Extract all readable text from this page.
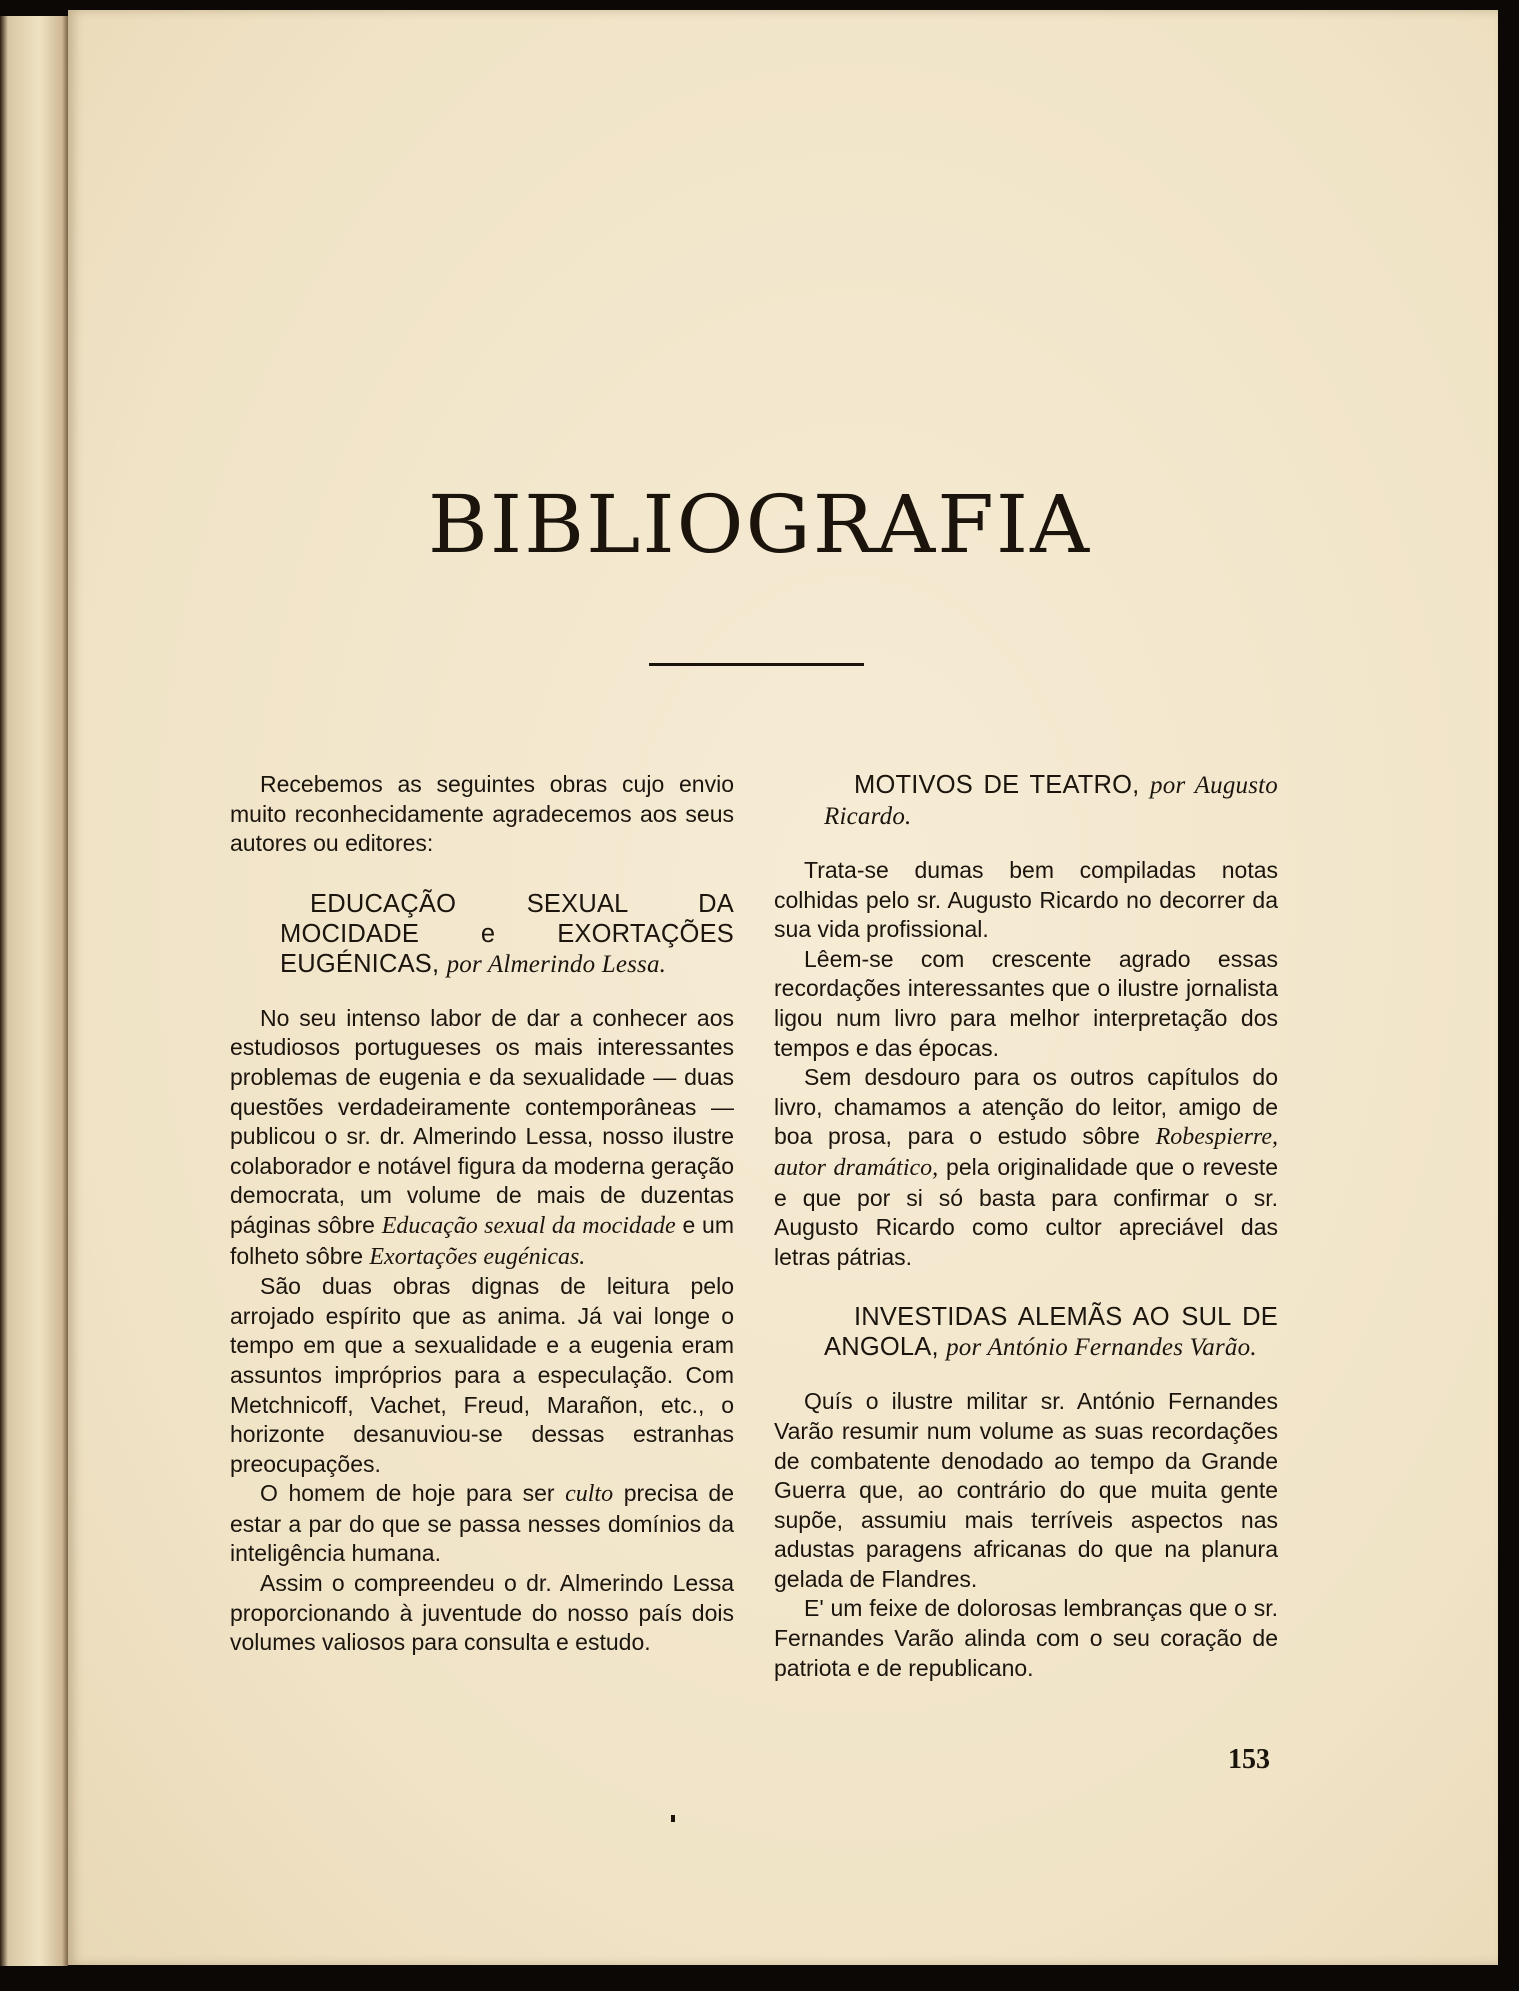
BIBLIOGRAFIA

Recebemos as seguintes obras cujo envio muito reconhecidamente agradecemos aos seus autores ou editores:

EDUCAÇÃO SEXUAL DA MOCIDADE e EXORTAÇÕES EUGÉNICAS, por Almerindo Lessa.

No seu intenso labor de dar a conhecer aos estudiosos portugueses os mais interessantes problemas de eugenia e da sexualidade — duas questões verdadeiramente contemporâneas — publicou o sr. dr. Almerindo Lessa, nosso ilustre colaborador e notável figura da moderna geração democrata, um volume de mais de duzentas páginas sôbre Educação sexual da mocidade e um folheto sôbre Exortações eugénicas.

São duas obras dignas de leitura pelo arrojado espírito que as anima. Já vai longe o tempo em que a sexualidade e a eugenia eram assuntos impróprios para a especulação. Com Metchnicoff, Vachet, Freud, Marañon, etc., o horizonte desanuviou-se dessas estranhas preocupações.

O homem de hoje para ser culto precisa de estar a par do que se passa nesses domínios da inteligência humana.

Assim o compreendeu o dr. Almerindo Lessa proporcionando à juventude do nosso país dois volumes valiosos para consulta e estudo.

MOTIVOS DE TEATRO, por Augusto Ricardo.

Trata-se dumas bem compiladas notas colhidas pelo sr. Augusto Ricardo no decorrer da sua vida profissional.

Lêem-se com crescente agrado essas recordações interessantes que o ilustre jornalista ligou num livro para melhor interpretação dos tempos e das épocas.

Sem desdouro para os outros capítulos do livro, chamamos a atenção do leitor, amigo de boa prosa, para o estudo sôbre Robespierre, autor dramático, pela originalidade que o reveste e que por si só basta para confirmar o sr. Augusto Ricardo como cultor apreciável das letras pátrias.

INVESTIDAS ALEMÃS AO SUL DE ANGOLA, por António Fernandes Varão.

Quís o ilustre militar sr. António Fernandes Varão resumir num volume as suas recordações de combatente denodado ao tempo da Grande Guerra que, ao contrário do que muita gente supõe, assumiu mais terríveis aspectos nas adustas paragens africanas do que na planura gelada de Flandres.

E' um feixe de dolorosas lembranças que o sr. Fernandes Varão alinda com o seu coração de patriota e de republicano.

153
